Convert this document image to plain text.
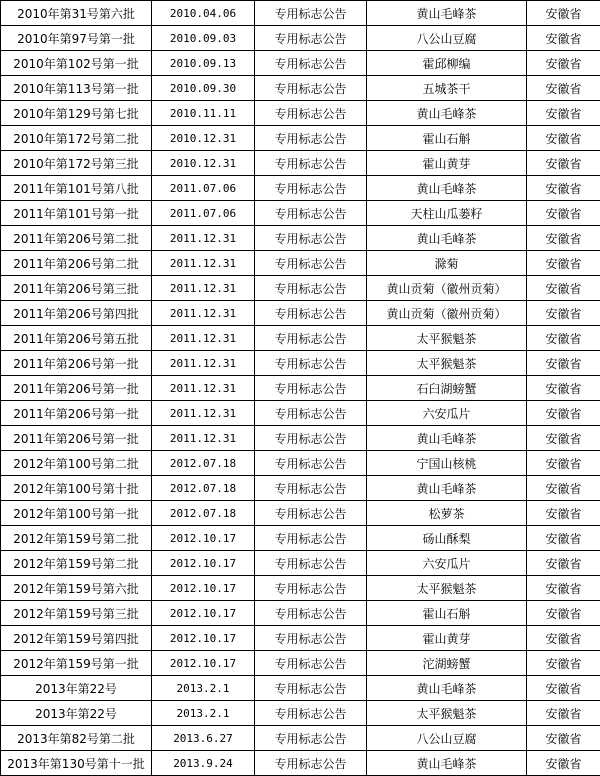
2010年第31号第六批	2010.04.06	专用标志公告	黄山毛峰茶	安徽省
2010年第97号第一批	2010.09.03	专用标志公告	八公山豆腐	安徽省
2010年第102号第一批	2010.09.13	专用标志公告	霍邱柳编	安徽省
2010年第113号第一批	2010.09.30	专用标志公告	五城茶干	安徽省
2010年第129号第七批	2010.11.11	专用标志公告	黄山毛峰茶	安徽省
2010年第172号第二批	2010.12.31	专用标志公告	霍山石斛	安徽省
2010年第172号第三批	2010.12.31	专用标志公告	霍山黄芽	安徽省
2011年第101号第八批	2011.07.06	专用标志公告	黄山毛峰茶	安徽省
2011年第101号第一批	2011.07.06	专用标志公告	天柱山瓜蒌籽	安徽省
2011年第206号第二批	2011.12.31	专用标志公告	黄山毛峰茶	安徽省
2011年第206号第二批	2011.12.31	专用标志公告	滁菊	安徽省
2011年第206号第三批	2011.12.31	专用标志公告	黄山贡菊（徽州贡菊）	安徽省
2011年第206号第四批	2011.12.31	专用标志公告	黄山贡菊（徽州贡菊）	安徽省
2011年第206号第五批	2011.12.31	专用标志公告	太平猴魁茶	安徽省
2011年第206号第一批	2011.12.31	专用标志公告	太平猴魁茶	安徽省
2011年第206号第一批	2011.12.31	专用标志公告	石臼湖螃蟹	安徽省
2011年第206号第一批	2011.12.31	专用标志公告	六安瓜片	安徽省
2011年第206号第一批	2011.12.31	专用标志公告	黄山毛峰茶	安徽省
2012年第100号第二批	2012.07.18	专用标志公告	宁国山核桃	安徽省
2012年第100号第十批	2012.07.18	专用标志公告	黄山毛峰茶	安徽省
2012年第100号第一批	2012.07.18	专用标志公告	松萝茶	安徽省
2012年第159号第二批	2012.10.17	专用标志公告	砀山酥梨	安徽省
2012年第159号第二批	2012.10.17	专用标志公告	六安瓜片	安徽省
2012年第159号第六批	2012.10.17	专用标志公告	太平猴魁茶	安徽省
2012年第159号第三批	2012.10.17	专用标志公告	霍山石斛	安徽省
2012年第159号第四批	2012.10.17	专用标志公告	霍山黄芽	安徽省
2012年第159号第一批	2012.10.17	专用标志公告	沱湖螃蟹	安徽省
2013年第22号	2013.2.1	专用标志公告	黄山毛峰茶	安徽省
2013年第22号	2013.2.1	专用标志公告	太平猴魁茶	安徽省
2013年第82号第二批	2013.6.27	专用标志公告	八公山豆腐	安徽省
2013年第130号第十一批	2013.9.24	专用标志公告	黄山毛峰茶	安徽省
